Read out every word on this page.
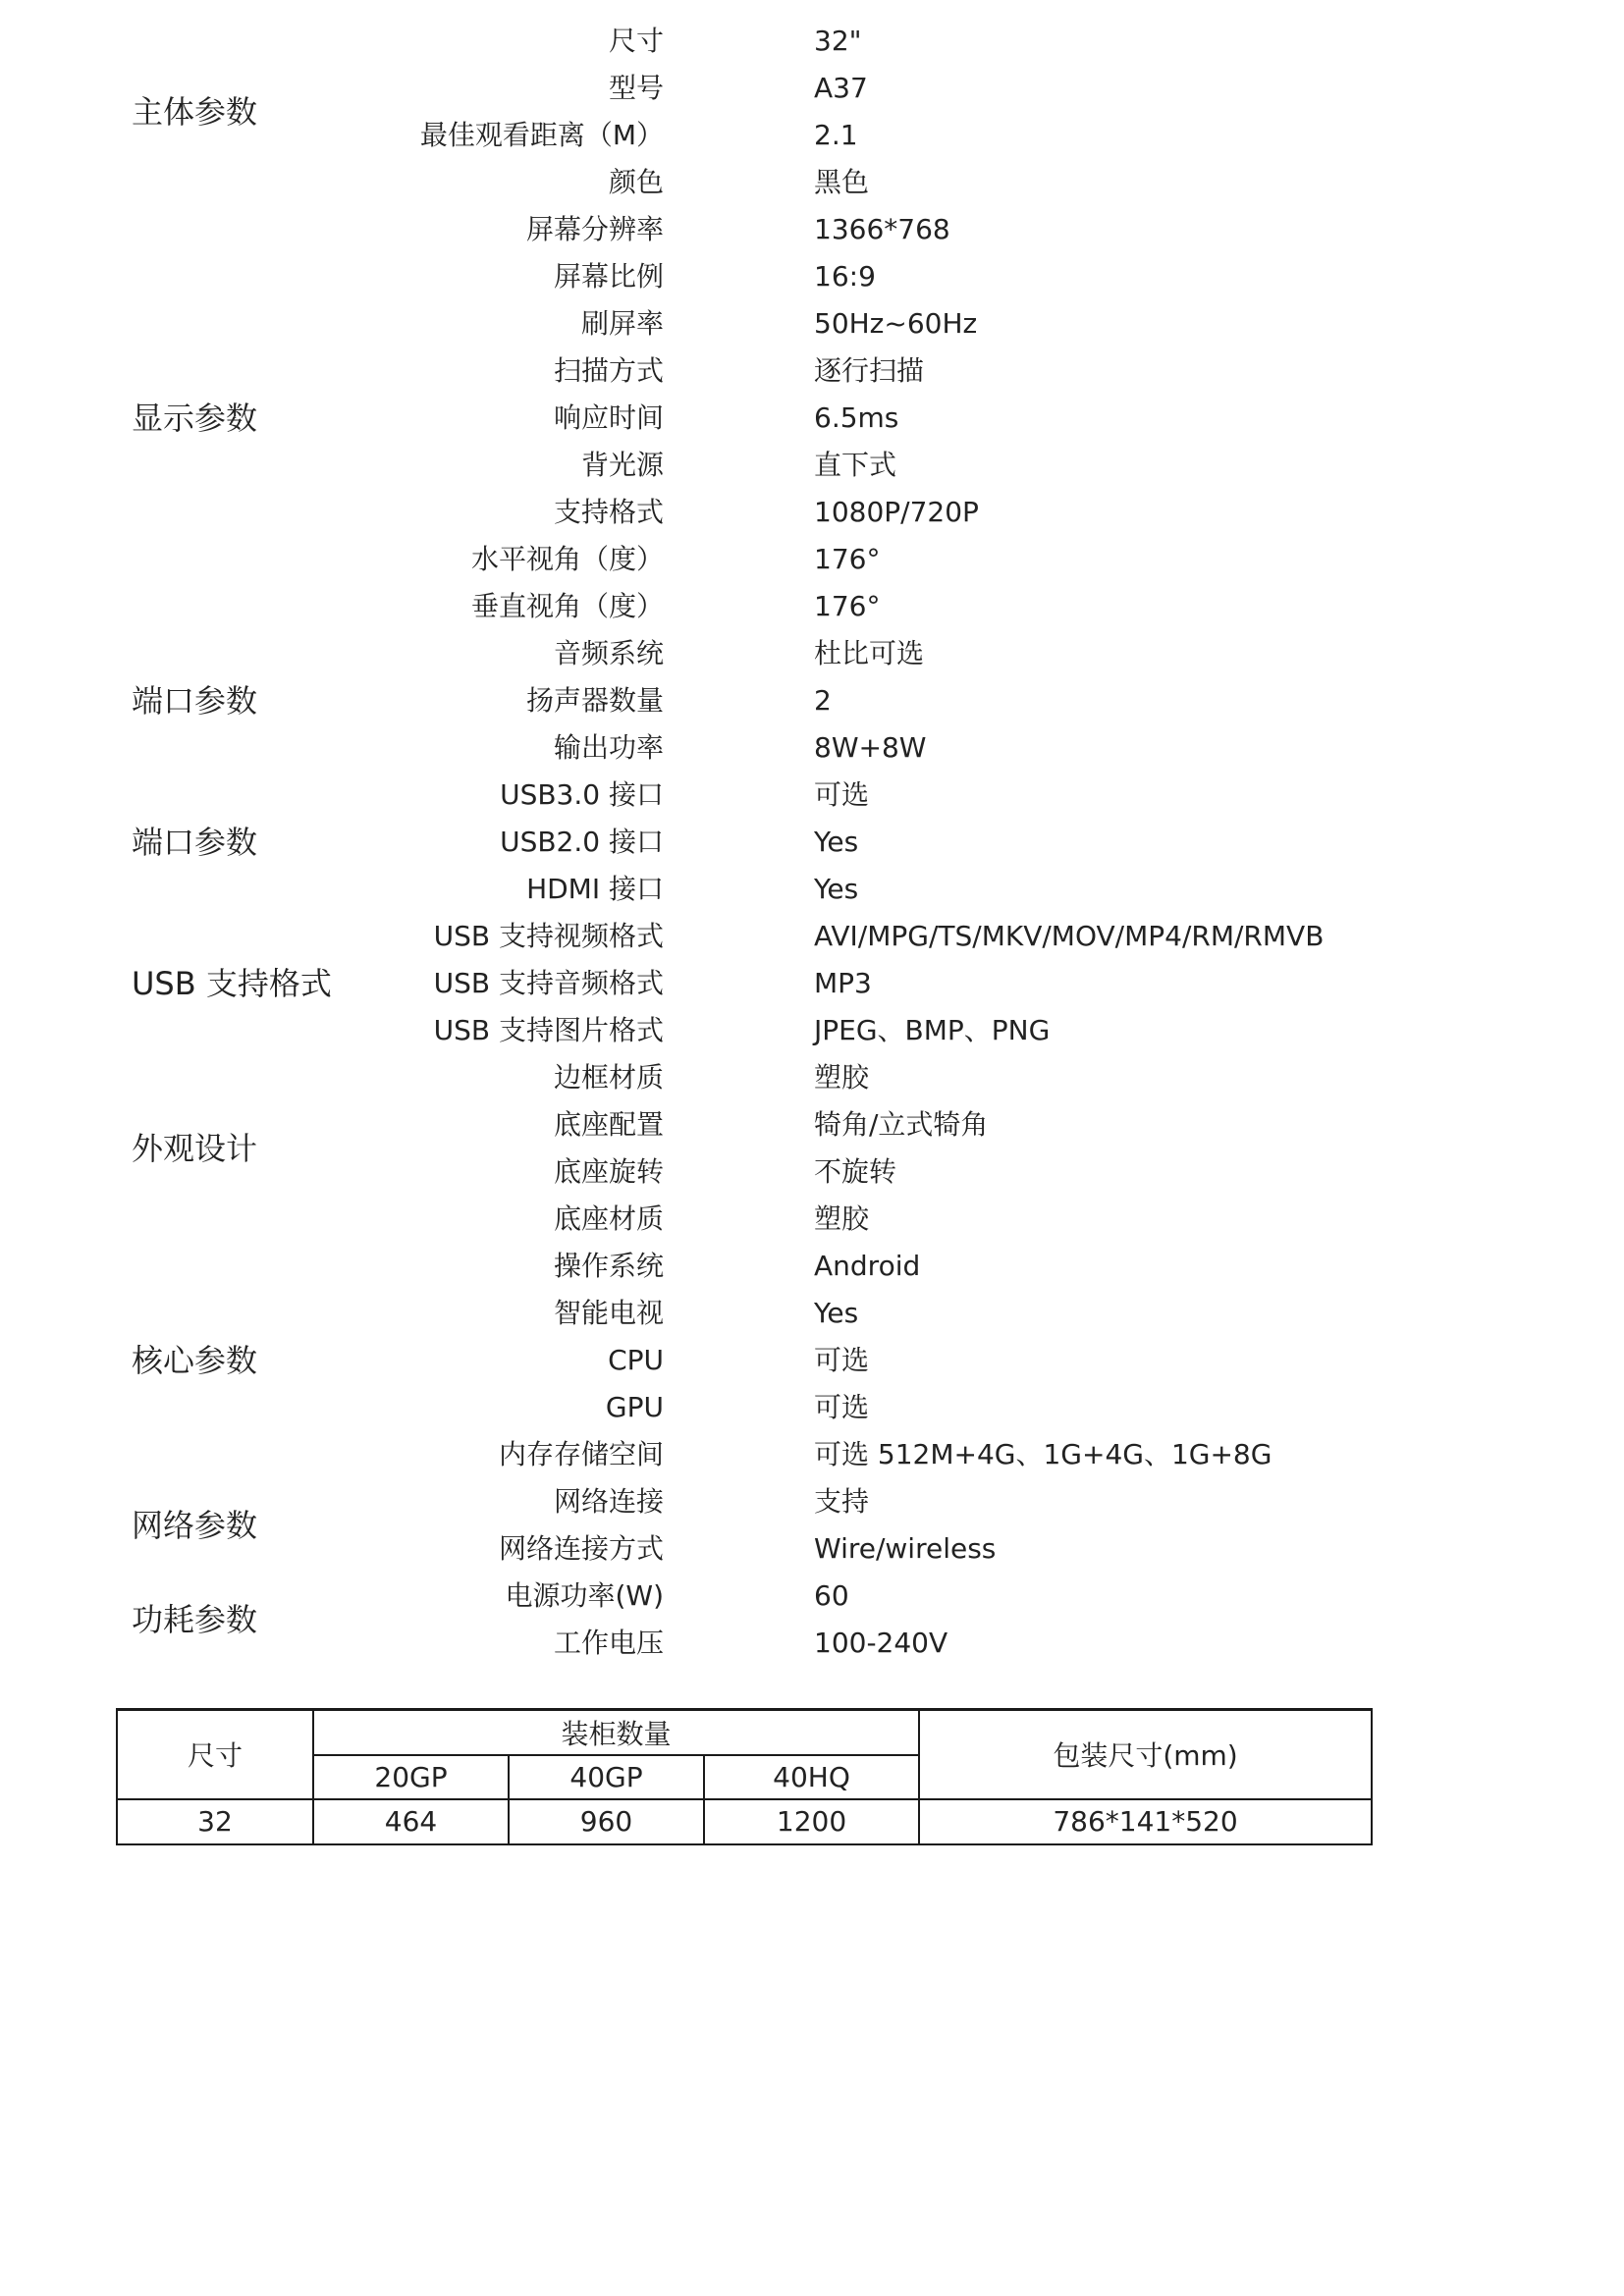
尺寸	32"
型号	A37
最佳观看距离（M）	2.1
颜色	黑色
主体参数
屏幕分辨率	1366*768
屏幕比例	16:9
刷屏率	50Hz~60Hz
扫描方式	逐行扫描
响应时间	6.5ms
背光源	直下式
支持格式	1080P/720P
水平视角（度）	176°
垂直视角（度）	176°
显示参数
音频系统	杜比可选
扬声器数量	2
输出功率	8W+8W
端口参数
USB3.0 接口	可选
USB2.0 接口	Yes
HDMI 接口	Yes
端口参数
USB 支持视频格式	AVI/MPG/TS/MKV/MOV/MP4/RM/RMVB
USB 支持音频格式	MP3
USB 支持图片格式	JPEG、BMP、PNG
USB 支持格式
边框材质	塑胶
底座配置	犄角/立式犄角
底座旋转	不旋转
底座材质	塑胶
外观设计
操作系统	Android
智能电视	Yes
CPU	可选
GPU	可选
内存存储空间	可选 512M+4G、1G+4G、1G+8G
核心参数
网络连接	支持
网络连接方式	Wire/wireless
网络参数
电源功率(W)	60
工作电压	100-240V
功耗参数
尺寸	装柜数量			包装尺寸(mm)
	20GP	40GP	40HQ	
32	464	960	1200	786*141*520
